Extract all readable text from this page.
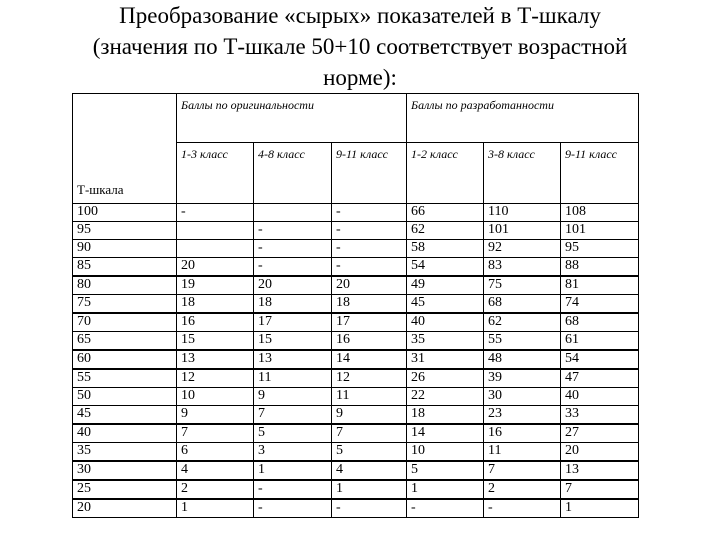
Преобразование «сырых» показателей в Т-шкалу
(значения по Т-шкале 50+10 соответствует возрастной
норме):
Т-шкала	Баллы по оригинальности			Баллы по разработанности		
	1-3 класс	4-8 класс	9-11 класс	1-2 класс	3-8 класс	9-11 класс
100	-		-	66	110	108
95		-	-	62	101	101
90		-	-	58	92	95
85	20	-	-	54	83	88
80	19	20	20	49	75	81
75	18	18	18	45	68	74
70	16	17	17	40	62	68
65	15	15	16	35	55	61
60	13	13	14	31	48	54
55	12	11	12	26	39	47
50	10	9	11	22	30	40
45	9	7	9	18	23	33
40	7	5	7	14	16	27
35	6	3	5	10	11	20
30	4	1	4	5	7	13
25	2	-	1	1	2	7
20	1	-	-	-	-	1
